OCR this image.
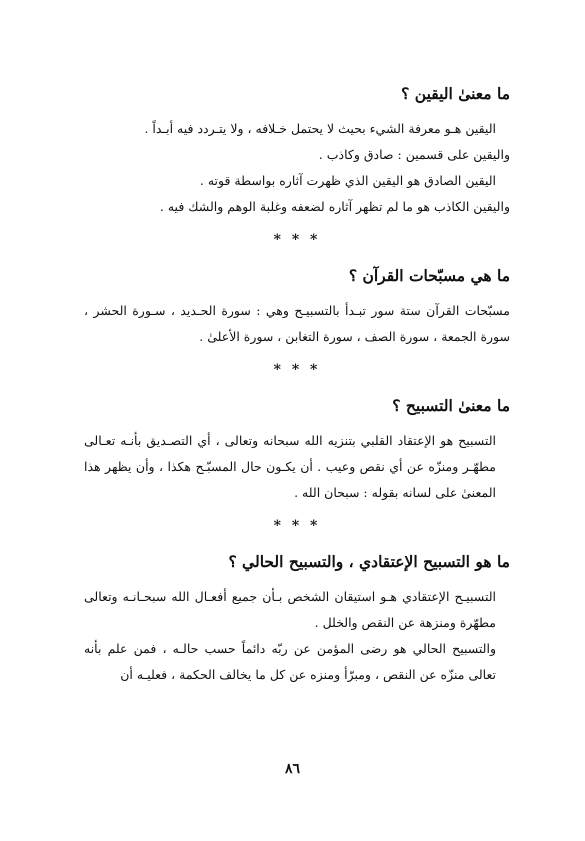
ما معنىٰ اليقين ؟

اليقين هـو معرفة الشيء بحيث لا يحتمل خـلافه ، ولا يتـردد فيه أبـداً .

واليقين على قسمين : صادق وكاذب .

اليقين الصادق هو اليقين الذي ظهرت آثاره بواسطة قوته .

واليقين الكاذب هو ما لم تظهر آثاره لضعفه وغلبة الوهم والشك فيه .

* * *
ما هي مسبّحات القرآن ؟

مسبّحات القرآن ستة سور تبـدأ بالتسبيـح وهي : سورة الحـديد ، سـورة الحشر ، سورة الجمعة ، سورة الصف ، سورة التغابن ، سورة الأعلىٰ .

* * *
ما معنىٰ التسبيح ؟

التسبيح هو الإعتقاد القلبي بتنزيه الله سبحانه وتعالى ، أي التصـديق بأنـه تعـالى مطهّـر ومنزّه عن أي نقص وعيب . أن يكـون حال المسبّـح هكذا ، وأن يظهر هذا المعنىٰ على لسانه بقوله : سبحان الله .

* * *
ما هو التسبيح الإعتقادي ، والتسبيح الحالي ؟

التسبيـح الإعتقادي هـو استيقان الشخص بـأن جميع أفعـال الله سبحـانـه وتعالى مطهّرة ومنزهة عن النقص والخلل .

والتسبيح الحالي هو رضى المؤمن عن ربّه دائماً حسب حالـه ، فمن علم بأنه تعالى منزّه عن النقص ، ومبرّأ ومنزه عن كل ما يخالف الحكمة ، فعليـه أن

٨٦
